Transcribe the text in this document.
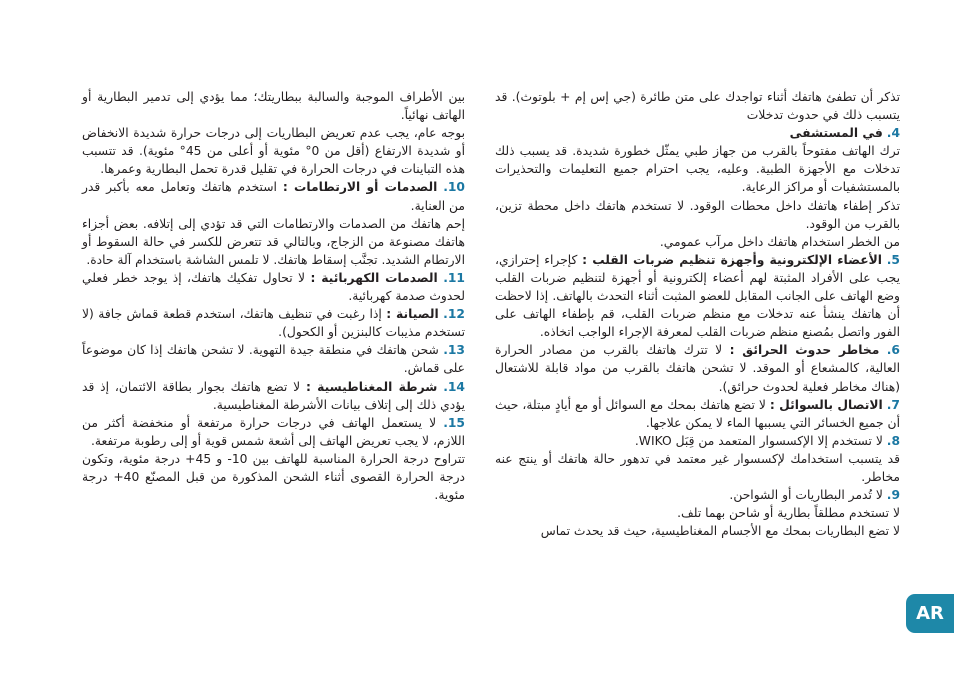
تذكر أن تطفئ هاتفك أثناء تواجدك على متن طائرة (جي إس إم + بلوتوث). قد يتسبب ذلك في حدوث تدخلات

4. في المستشفى

ترك الهاتف مفتوحاً بالقرب من جهاز طبي يمثّل خطورة شديدة. قد يسبب ذلك تدخلات مع الأجهزة الطبية. وعليه، يجب احترام جميع التعليمات والتحذيرات بالمستشفيات أو مراكز الرعاية.

تذكر إطفاء هاتفك داخل محطات الوقود. لا تستخدم هاتفك داخل محطة تزين، بالقرب من الوقود.

من الخطر استخدام هاتفك داخل مرآب عمومي.

5. الأعضاء الإلكترونية وأجهزة تنظيم ضربات القلب : كإجراء إحترازي، يجب على الأفراد المثبتة لهم أعضاء إلكترونية أو أجهزة لتنظيم ضربات القلب وضع الهاتف على الجانب المقابل للعضو المثبت أثناء التحدث بالهاتف. إذا لاحظت أن هاتفك ينشأ عنه تدخلات مع منظم ضربات القلب، قم بإطفاء الهاتف على الفور واتصل بمُصنع منظم ضربات القلب لمعرفة الإجراء الواجب اتخاذه.

6. مخاطر حدوث الحرائق : لا تترك هاتفك بالقرب من مصادر الحرارة العالية، كالمشعاع أو الموقد. لا تشحن هاتفك بالقرب من مواد قابلة للاشتعال (هناك مخاطر فعلية لحدوث حرائق).

7. الاتصال بالسوائل : لا تضع هاتفك بمحك مع السوائل أو مع أيادٍ مبتلة، حيث أن جميع الخسائر التي يسببها الماء لا يمكن علاجها.

8. لا تستخدم إلا الإكسسوار المتعمد من قِبَل WIKO.

قد يتسبب استخدامك لإكسسوار غير معتمد في تدهور حالة هاتفك أو ينتج عنه مخاطر.

9. لا تُدمر البطاريات أو الشواحن.

لا تستخدم مطلقاً بطارية أو شاحن بهما تلف.

لا تضع البطاريات بمحك مع الأجسام المغناطيسية، حيث قد يحدث تماس

بين الأطراف الموجبة والسالبة ببطاريتك؛ مما يؤدي إلى تدمير البطارية أو الهاتف نهائياً.

بوجه عام، يجب عدم تعريض البطاريات إلى درجات حرارة شديدة الانخفاض أو شديدة الارتفاع (أقل من 0° مئوية أو أعلى من 45° مئوية). قد تتسبب هذه التباينات في درجات الحرارة في تقليل قدرة تحمل البطارية وعمرها.

10. الصدمات أو الارتطامات : استخدم هاتفك وتعامل معه بأكبر قدر من العناية.

إحم هاتفك من الصدمات والارتطامات التي قد تؤدي إلى إتلافه. بعض أجزاء هاتفك مصنوعة من الزجاج، وبالتالي قد تتعرض للكسر في حالة السقوط أو الارتطام الشديد. تجنَّب إسقاط هاتفك. لا تلمس الشاشة باستخدام آلة حادة.

11. الصدمات الكهربائية : لا تحاول تفكيك هاتفك، إذ يوجد خطر فعلي لحدوث صدمة كهربائية.

12. الصيانة : إذا رغبت في تنظيف هاتفك، استخدم قطعة قماش جافة (لا تستخدم مذيبات كالبنزين أو الكحول).

13. شحن هاتفك في منطقة جيدة التهوية. لا تشحن هاتفك إذا كان موضوعاً على قماش.

14. شرطة المغناطيسية : لا تضع هاتفك بجوار بطاقة الائتمان، إذ قد يؤدي ذلك إلى إتلاف بيانات الأشرطة المغناطيسية.

15. لا يستعمل الهاتف في درجات حرارة مرتفعة أو منخفضة أكثر من اللازم، لا يجب تعريض الهاتف إلى أشعة شمس قوية أو إلى رطوبة مرتفعة.

تتراوح درجة الحرارة المناسبة للهاتف بين 10- و 45+ درجة مئوية، وتكون درجة الحرارة القصوى أثناء الشحن المذكورة من قبل المصنّع 40+ درجة مئوية.

AR
